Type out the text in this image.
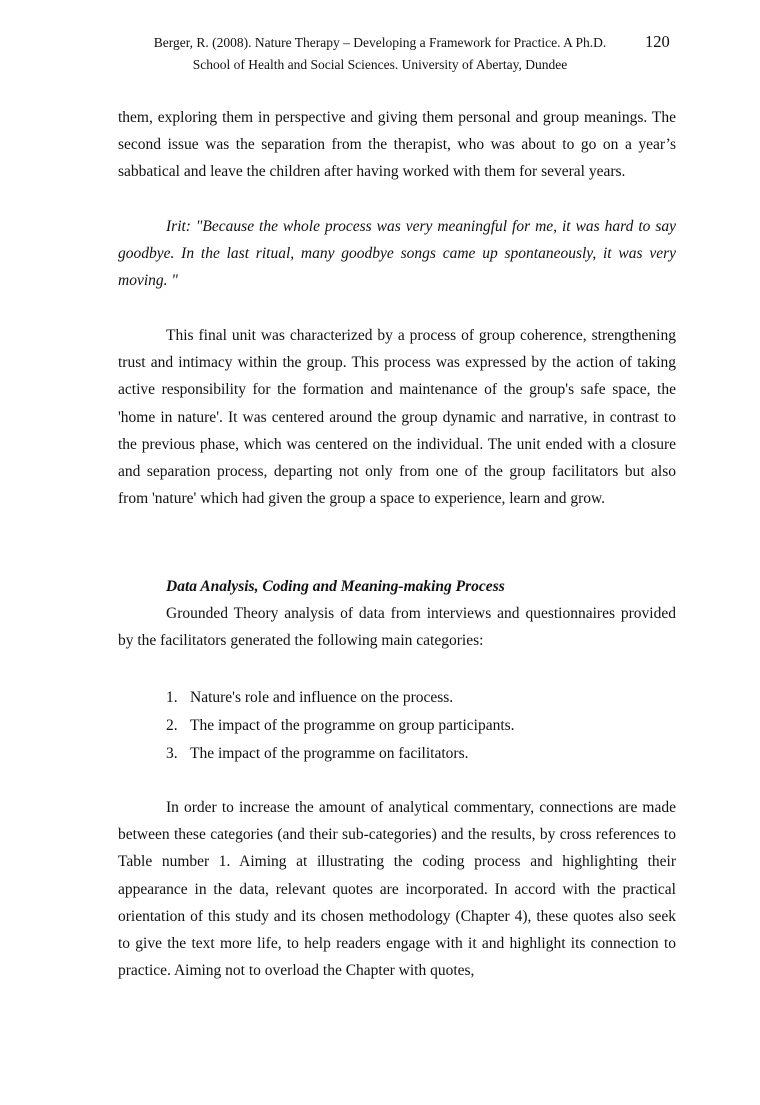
Berger, R. (2008). Nature Therapy – Developing a Framework for Practice. A Ph.D.	120
School of Health and Social Sciences. University of Abertay, Dundee

them, exploring them in perspective and giving them personal and group meanings. The second issue was the separation from the therapist, who was about to go on a year’s sabbatical and leave the children after having worked with them for several years.

Irit: "Because the whole process was very meaningful for me, it was hard to say goodbye. In the last ritual, many goodbye songs came up spontaneously, it was very moving. "

This final unit was characterized by a process of group coherence, strengthening trust and intimacy within the group. This process was expressed by the action of taking active responsibility for the formation and maintenance of the group's safe space, the 'home in nature'. It was centered around the group dynamic and narrative, in contrast to the previous phase, which was centered on the individual. The unit ended with a closure and separation process, departing not only from one of the group facilitators but also from 'nature' which had given the group a space to experience, learn and grow.

Data Analysis, Coding and Meaning-making Process

Grounded Theory analysis of data from interviews and questionnaires provided by the facilitators generated the following main categories:

1. Nature's role and influence on the process.
2. The impact of the programme on group participants.
3. The impact of the programme on facilitators.

In order to increase the amount of analytical commentary, connections are made between these categories (and their sub-categories) and the results, by cross references to Table number 1. Aiming at illustrating the coding process and highlighting their appearance in the data, relevant quotes are incorporated. In accord with the practical orientation of this study and its chosen methodology (Chapter 4), these quotes also seek to give the text more life, to help readers engage with it and highlight its connection to practice. Aiming not to overload the Chapter with quotes,
